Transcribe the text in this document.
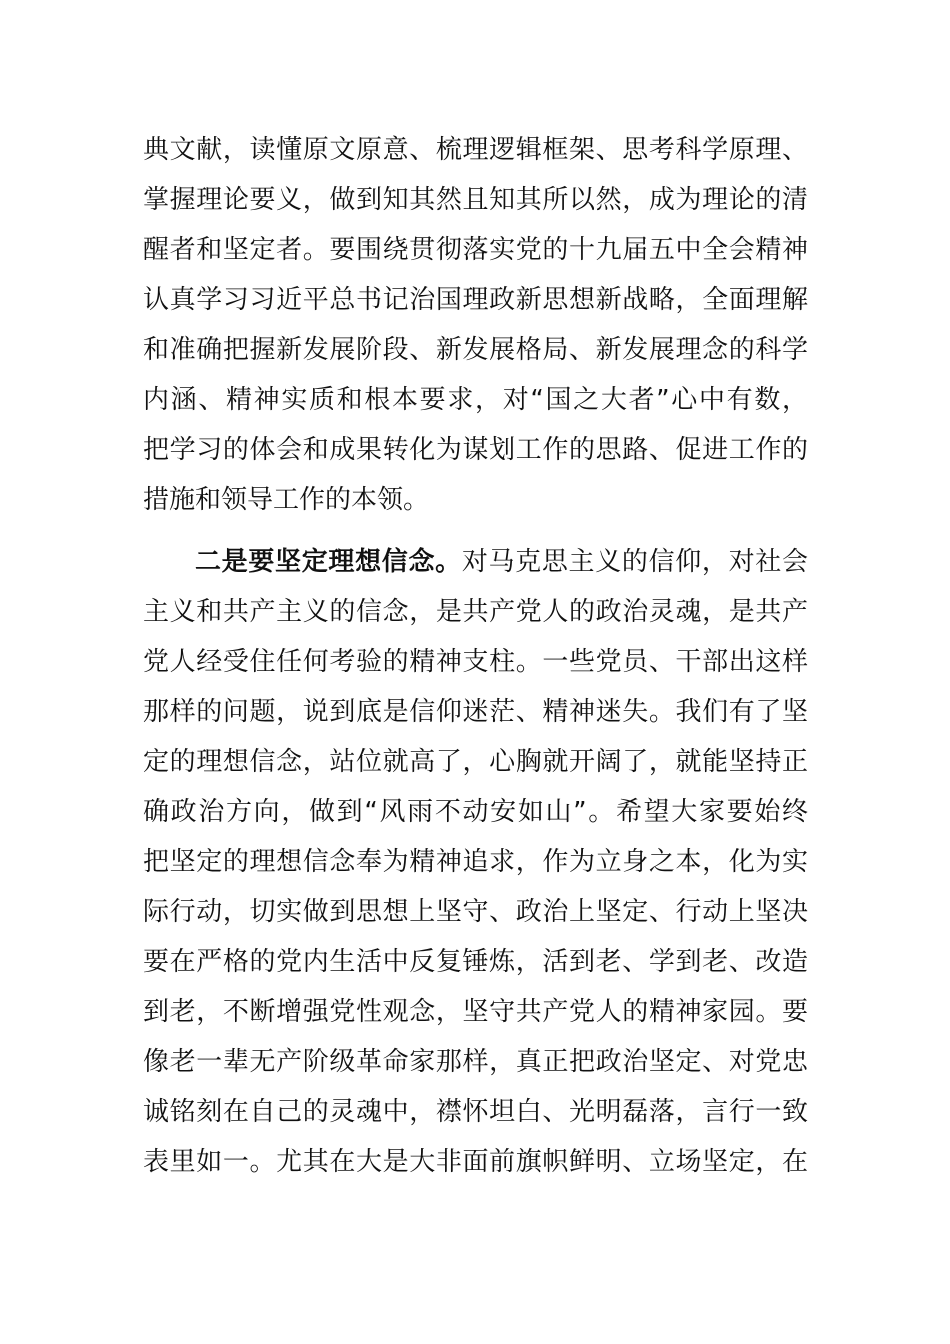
典文献，读懂原文原意、梳理逻辑框架、思考科学原理、
掌握理论要义，做到知其然且知其所以然，成为理论的清
醒者和坚定者。要围绕贯彻落实党的十九届五中全会精神
认真学习习近平总书记治国理政新思想新战略，全面理解
和准确把握新发展阶段、新发展格局、新发展理念的科学
内涵、精神实质和根本要求，对“国之大者”心中有数，
把学习的体会和成果转化为谋划工作的思路、促进工作的
措施和领导工作的本领。
二是要坚定理想信念。对马克思主义的信仰，对社会
主义和共产主义的信念，是共产党人的政治灵魂，是共产
党人经受住任何考验的精神支柱。一些党员、干部出这样
那样的问题，说到底是信仰迷茫、精神迷失。我们有了坚
定的理想信念，站位就高了，心胸就开阔了，就能坚持正
确政治方向，做到“风雨不动安如山”。希望大家要始终
把坚定的理想信念奉为精神追求，作为立身之本，化为实
际行动，切实做到思想上坚守、政治上坚定、行动上坚决
要在严格的党内生活中反复锤炼，活到老、学到老、改造
到老，不断增强党性观念，坚守共产党人的精神家园。要
像老一辈无产阶级革命家那样，真正把政治坚定、对党忠
诚铭刻在自己的灵魂中，襟怀坦白、光明磊落，言行一致
表里如一。尤其在大是大非面前旗帜鲜明、立场坚定，在
